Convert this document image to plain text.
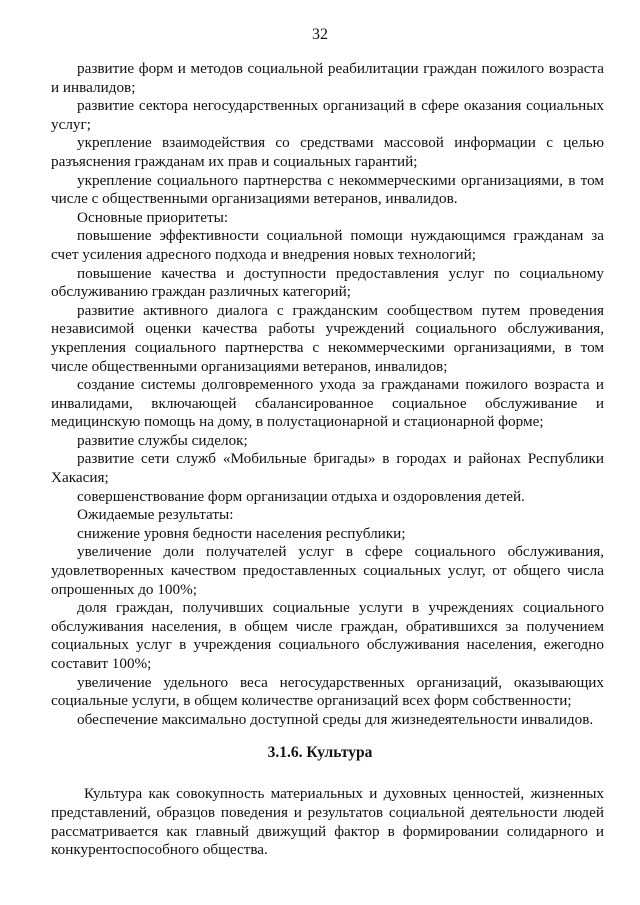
32

развитие форм и методов социальной реабилитации граждан пожилого возраста и инвалидов;

развитие сектора негосударственных организаций в сфере оказания социальных услуг;

укрепление взаимодействия со средствами массовой информации с целью разъяснения гражданам их прав и социальных гарантий;

укрепление социального партнерства с некоммерческими организациями, в том числе с общественными организациями ветеранов, инвалидов.

Основные приоритеты:

повышение эффективности социальной помощи нуждающимся гражданам за счет усиления адресного подхода и внедрения новых технологий;

повышение качества и доступности предоставления услуг по социальному обслуживанию граждан различных категорий;

развитие активного диалога с гражданским сообществом путем проведения независимой оценки качества работы учреждений социального обслуживания, укрепления социального партнерства с некоммерческими организациями, в том числе общественными организациями ветеранов, инвалидов;

создание системы долговременного ухода за гражданами пожилого возраста и инвалидами, включающей сбалансированное социальное обслуживание и медицинскую помощь на дому, в полустационарной и стационарной форме;

развитие службы сиделок;

развитие сети служб «Мобильные бригады» в городах и районах Республики Хакасия;

совершенствование форм организации отдыха и оздоровления детей.

Ожидаемые результаты:

снижение уровня бедности населения республики;

увеличение доли получателей услуг в сфере социального обслуживания, удовлетворенных качеством предоставленных социальных услуг, от общего числа опрошенных до 100%;

доля граждан, получивших социальные услуги в учреждениях социального обслуживания населения, в общем числе граждан, обратившихся за получением социальных услуг в учреждения социального обслуживания населения, ежегодно составит 100%;

увеличение удельного веса негосударственных организаций, оказывающих социальные услуги, в общем количестве организаций всех форм собственности;

обеспечение максимально доступной среды для жизнедеятельности инвалидов.

3.1.6. Культура

Культура как совокупность материальных и духовных ценностей, жизненных представлений, образцов поведения и результатов социальной деятельности людей рассматривается как главный движущий фактор в формировании солидарного и конкурентоспособного общества.
